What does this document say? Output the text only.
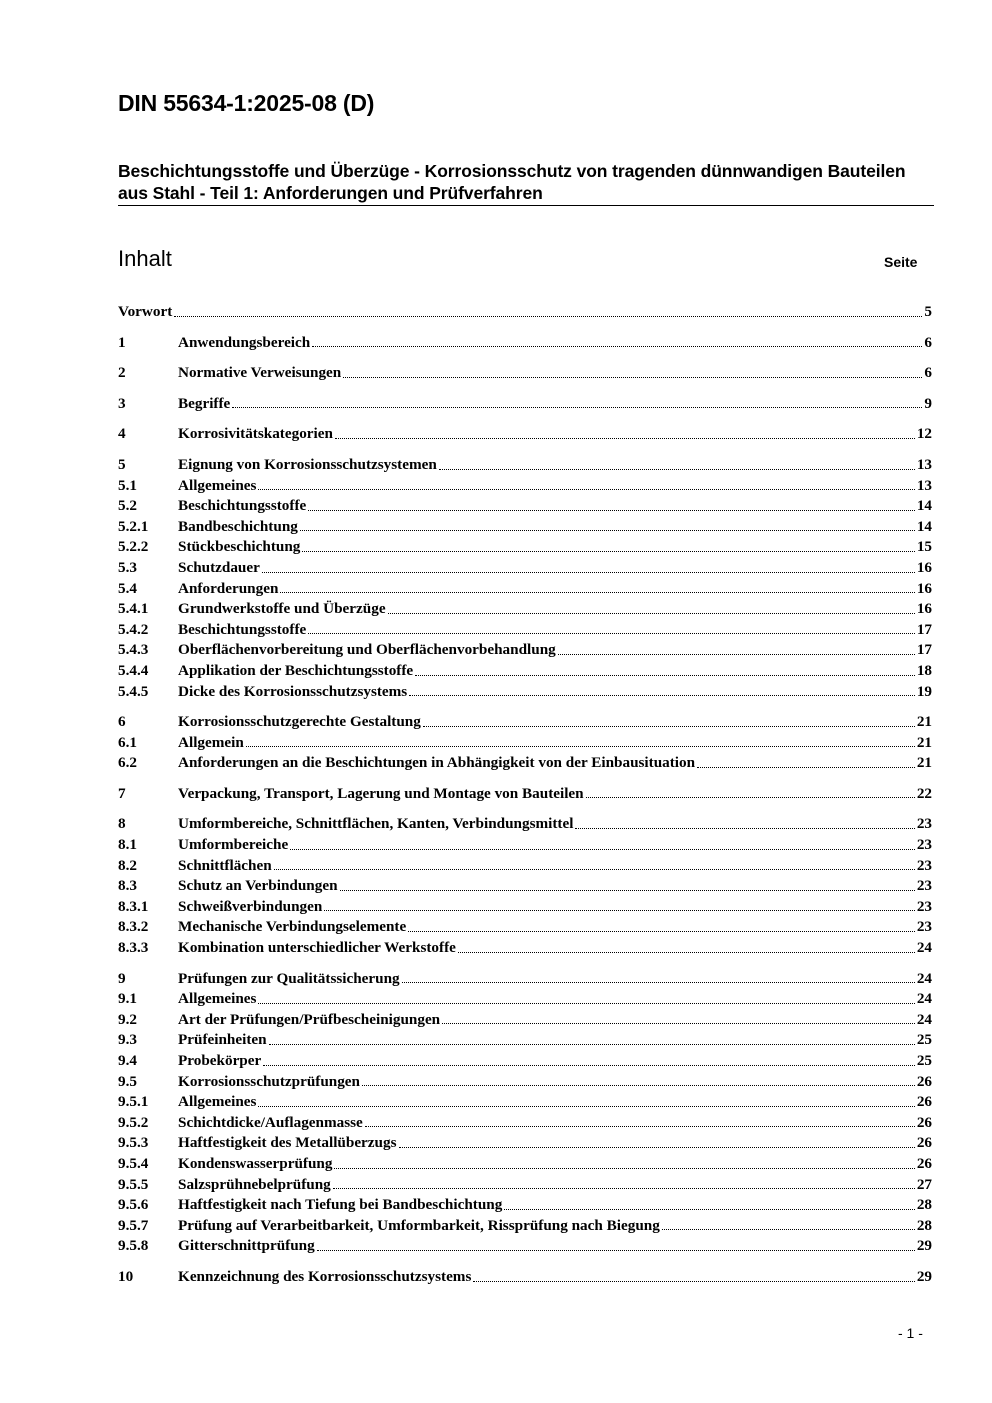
DIN 55634-1:2025-08 (D)
Beschichtungsstoffe und Überzüge - Korrosionsschutz von tragenden dünnwandigen Bauteilen aus Stahl - Teil 1: Anforderungen und Prüfverfahren
Inhalt	Seite
Vorwort	5
1	Anwendungsbereich	6
2	Normative Verweisungen	6
3	Begriffe	9
4	Korrosivitätskategorien	12
5	Eignung von Korrosionsschutzsystemen	13
5.1	Allgemeines	13
5.2	Beschichtungsstoffe	14
5.2.1	Bandbeschichtung	14
5.2.2	Stückbeschichtung	15
5.3	Schutzdauer	16
5.4	Anforderungen	16
5.4.1	Grundwerkstoffe und Überzüge	16
5.4.2	Beschichtungsstoffe	17
5.4.3	Oberflächenvorbereitung und Oberflächenvorbehandlung	17
5.4.4	Applikation der Beschichtungsstoffe	18
5.4.5	Dicke des Korrosionsschutzsystems	19
6	Korrosionsschutzgerechte Gestaltung	21
6.1	Allgemein	21
6.2	Anforderungen an die Beschichtungen in Abhängigkeit von der Einbausituation	21
7	Verpackung, Transport, Lagerung und Montage von Bauteilen	22
8	Umformbereiche, Schnittflächen, Kanten, Verbindungsmittel	23
8.1	Umformbereiche	23
8.2	Schnittflächen	23
8.3	Schutz an Verbindungen	23
8.3.1	Schweißverbindungen	23
8.3.2	Mechanische Verbindungselemente	23
8.3.3	Kombination unterschiedlicher Werkstoffe	24
9	Prüfungen zur Qualitätssicherung	24
9.1	Allgemeines	24
9.2	Art der Prüfungen/Prüfbescheinigungen	24
9.3	Prüfeinheiten	25
9.4	Probekörper	25
9.5	Korrosionsschutzprüfungen	26
9.5.1	Allgemeines	26
9.5.2	Schichtdicke/Auflagenmasse	26
9.5.3	Haftfestigkeit des Metallüberzugs	26
9.5.4	Kondenswasserprüfung	26
9.5.5	Salzsprühnebelprüfung	27
9.5.6	Haftfestigkeit nach Tiefung bei Bandbeschichtung	28
9.5.7	Prüfung auf Verarbeitbarkeit, Umformbarkeit, Rissprüfung nach Biegung	28
9.5.8	Gitterschnittprüfung	29
10	Kennzeichnung des Korrosionsschutzsystems	29
- 1 -
